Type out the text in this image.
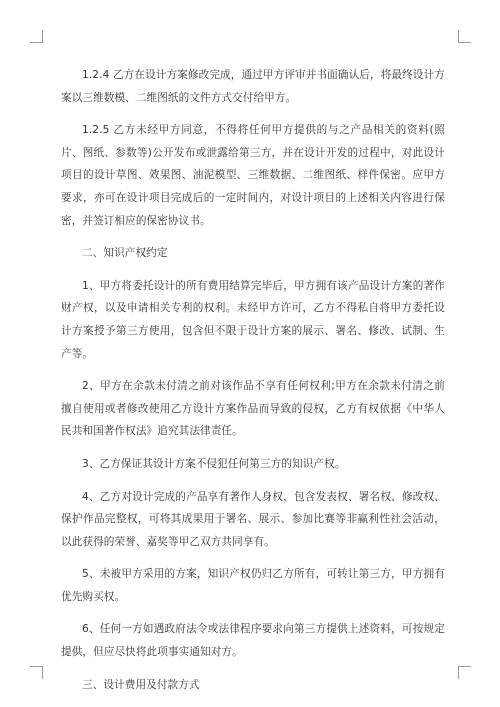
1.2.4 乙方在设计方案修改完成，通过甲方评审并书面确认后，将最终设计方案以三维数模、二维图纸的文件方式交付给甲方。

1.2.5 乙方未经甲方同意，不得将任何甲方提供的与之产品相关的资料(照片、图纸、参数等)公开发布或泄露给第三方，并在设计开发的过程中，对此设计项目的设计草图、效果图、油泥模型、三维数据、二维图纸、样件保密。应甲方要求，亦可在设计项目完成后的一定时间内，对设计项目的上述相关内容进行保密，并签订相应的保密协议书。

二、知识产权约定

1、甲方将委托设计的所有费用结算完毕后，甲方拥有该产品设计方案的著作财产权，以及申请相关专利的权利。未经甲方许可，乙方不得私自将甲方委托设计方案授予第三方使用，包含但不限于设计方案的展示、署名、修改、试制、生产等。

2、甲方在余款未付清之前对该作品不享有任何权利;甲方在余款未付清之前擅自使用或者修改使用乙方设计方案作品而导致的侵权，乙方有权依据《中华人民共和国著作权法》追究其法律责任。

3、乙方保证其设计方案不侵犯任何第三方的知识产权。

4、乙方对设计完成的产品享有著作人身权，包含发表权、署名权、修改权、保护作品完整权，可将其成果用于署名、展示、参加比赛等非赢利性社会活动，以此获得的荣誉、嘉奖等甲乙双方共同享有。

5、未被甲方采用的方案，知识产权仍归乙方所有，可转让第三方，甲方拥有优先购买权。

6、任何一方如遇政府法令或法律程序要求向第三方提供上述资料，可按规定提供，但应尽快将此项事实通知对方。

三、设计费用及付款方式
